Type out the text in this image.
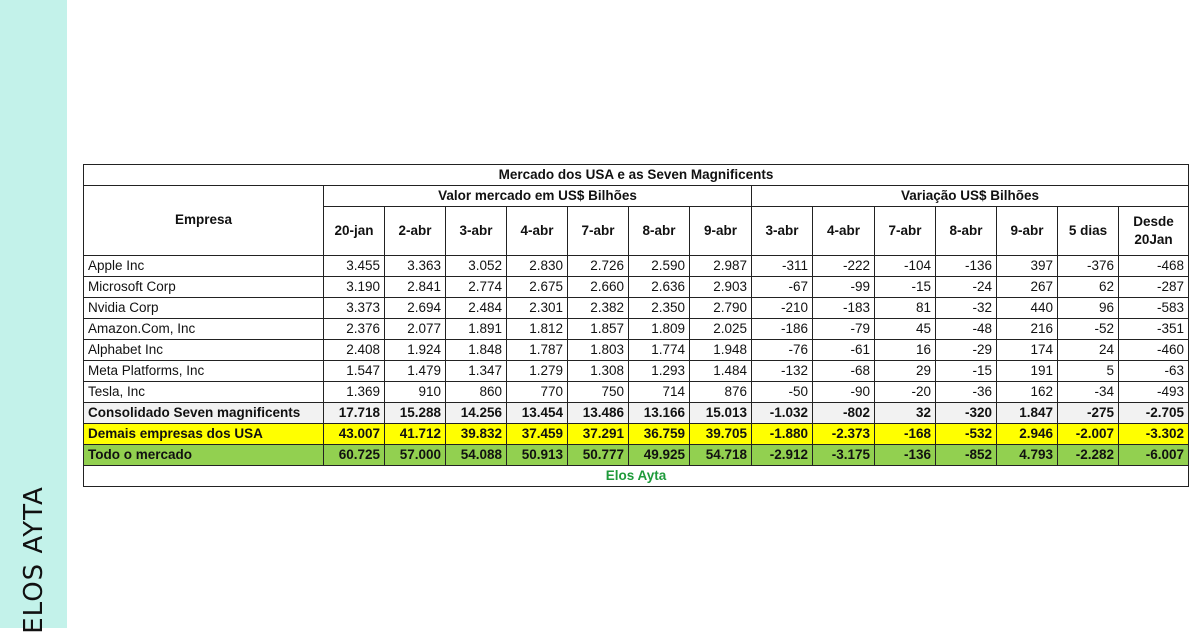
ELOS AYTA
Mercado dos USA e as Seven Magnificents														
Empresa	Valor mercado em US$ Bilhões							Variação US$ Bilhões						
	20-jan	2-abr	3-abr	4-abr	7-abr	8-abr	9-abr	3-abr	4-abr	7-abr	8-abr	9-abr	5 dias	Desde
20Jan
Apple Inc	3.455	3.363	3.052	2.830	2.726	2.590	2.987	-311	-222	-104	-136	397	-376	-468
Microsoft Corp	3.190	2.841	2.774	2.675	2.660	2.636	2.903	-67	-99	-15	-24	267	62	-287
Nvidia Corp	3.373	2.694	2.484	2.301	2.382	2.350	2.790	-210	-183	81	-32	440	96	-583
Amazon.Com, Inc	2.376	2.077	1.891	1.812	1.857	1.809	2.025	-186	-79	45	-48	216	-52	-351
Alphabet Inc	2.408	1.924	1.848	1.787	1.803	1.774	1.948	-76	-61	16	-29	174	24	-460
Meta Platforms, Inc	1.547	1.479	1.347	1.279	1.308	1.293	1.484	-132	-68	29	-15	191	5	-63
Tesla, Inc	1.369	910	860	770	750	714	876	-50	-90	-20	-36	162	-34	-493
Consolidado Seven magnificents	17.718	15.288	14.256	13.454	13.486	13.166	15.013	-1.032	-802	32	-320	1.847	-275	-2.705
Demais empresas dos USA	43.007	41.712	39.832	37.459	37.291	36.759	39.705	-1.880	-2.373	-168	-532	2.946	-2.007	-3.302
Todo o mercado	60.725	57.000	54.088	50.913	50.777	49.925	54.718	-2.912	-3.175	-136	-852	4.793	-2.282	-6.007
Elos Ayta														
